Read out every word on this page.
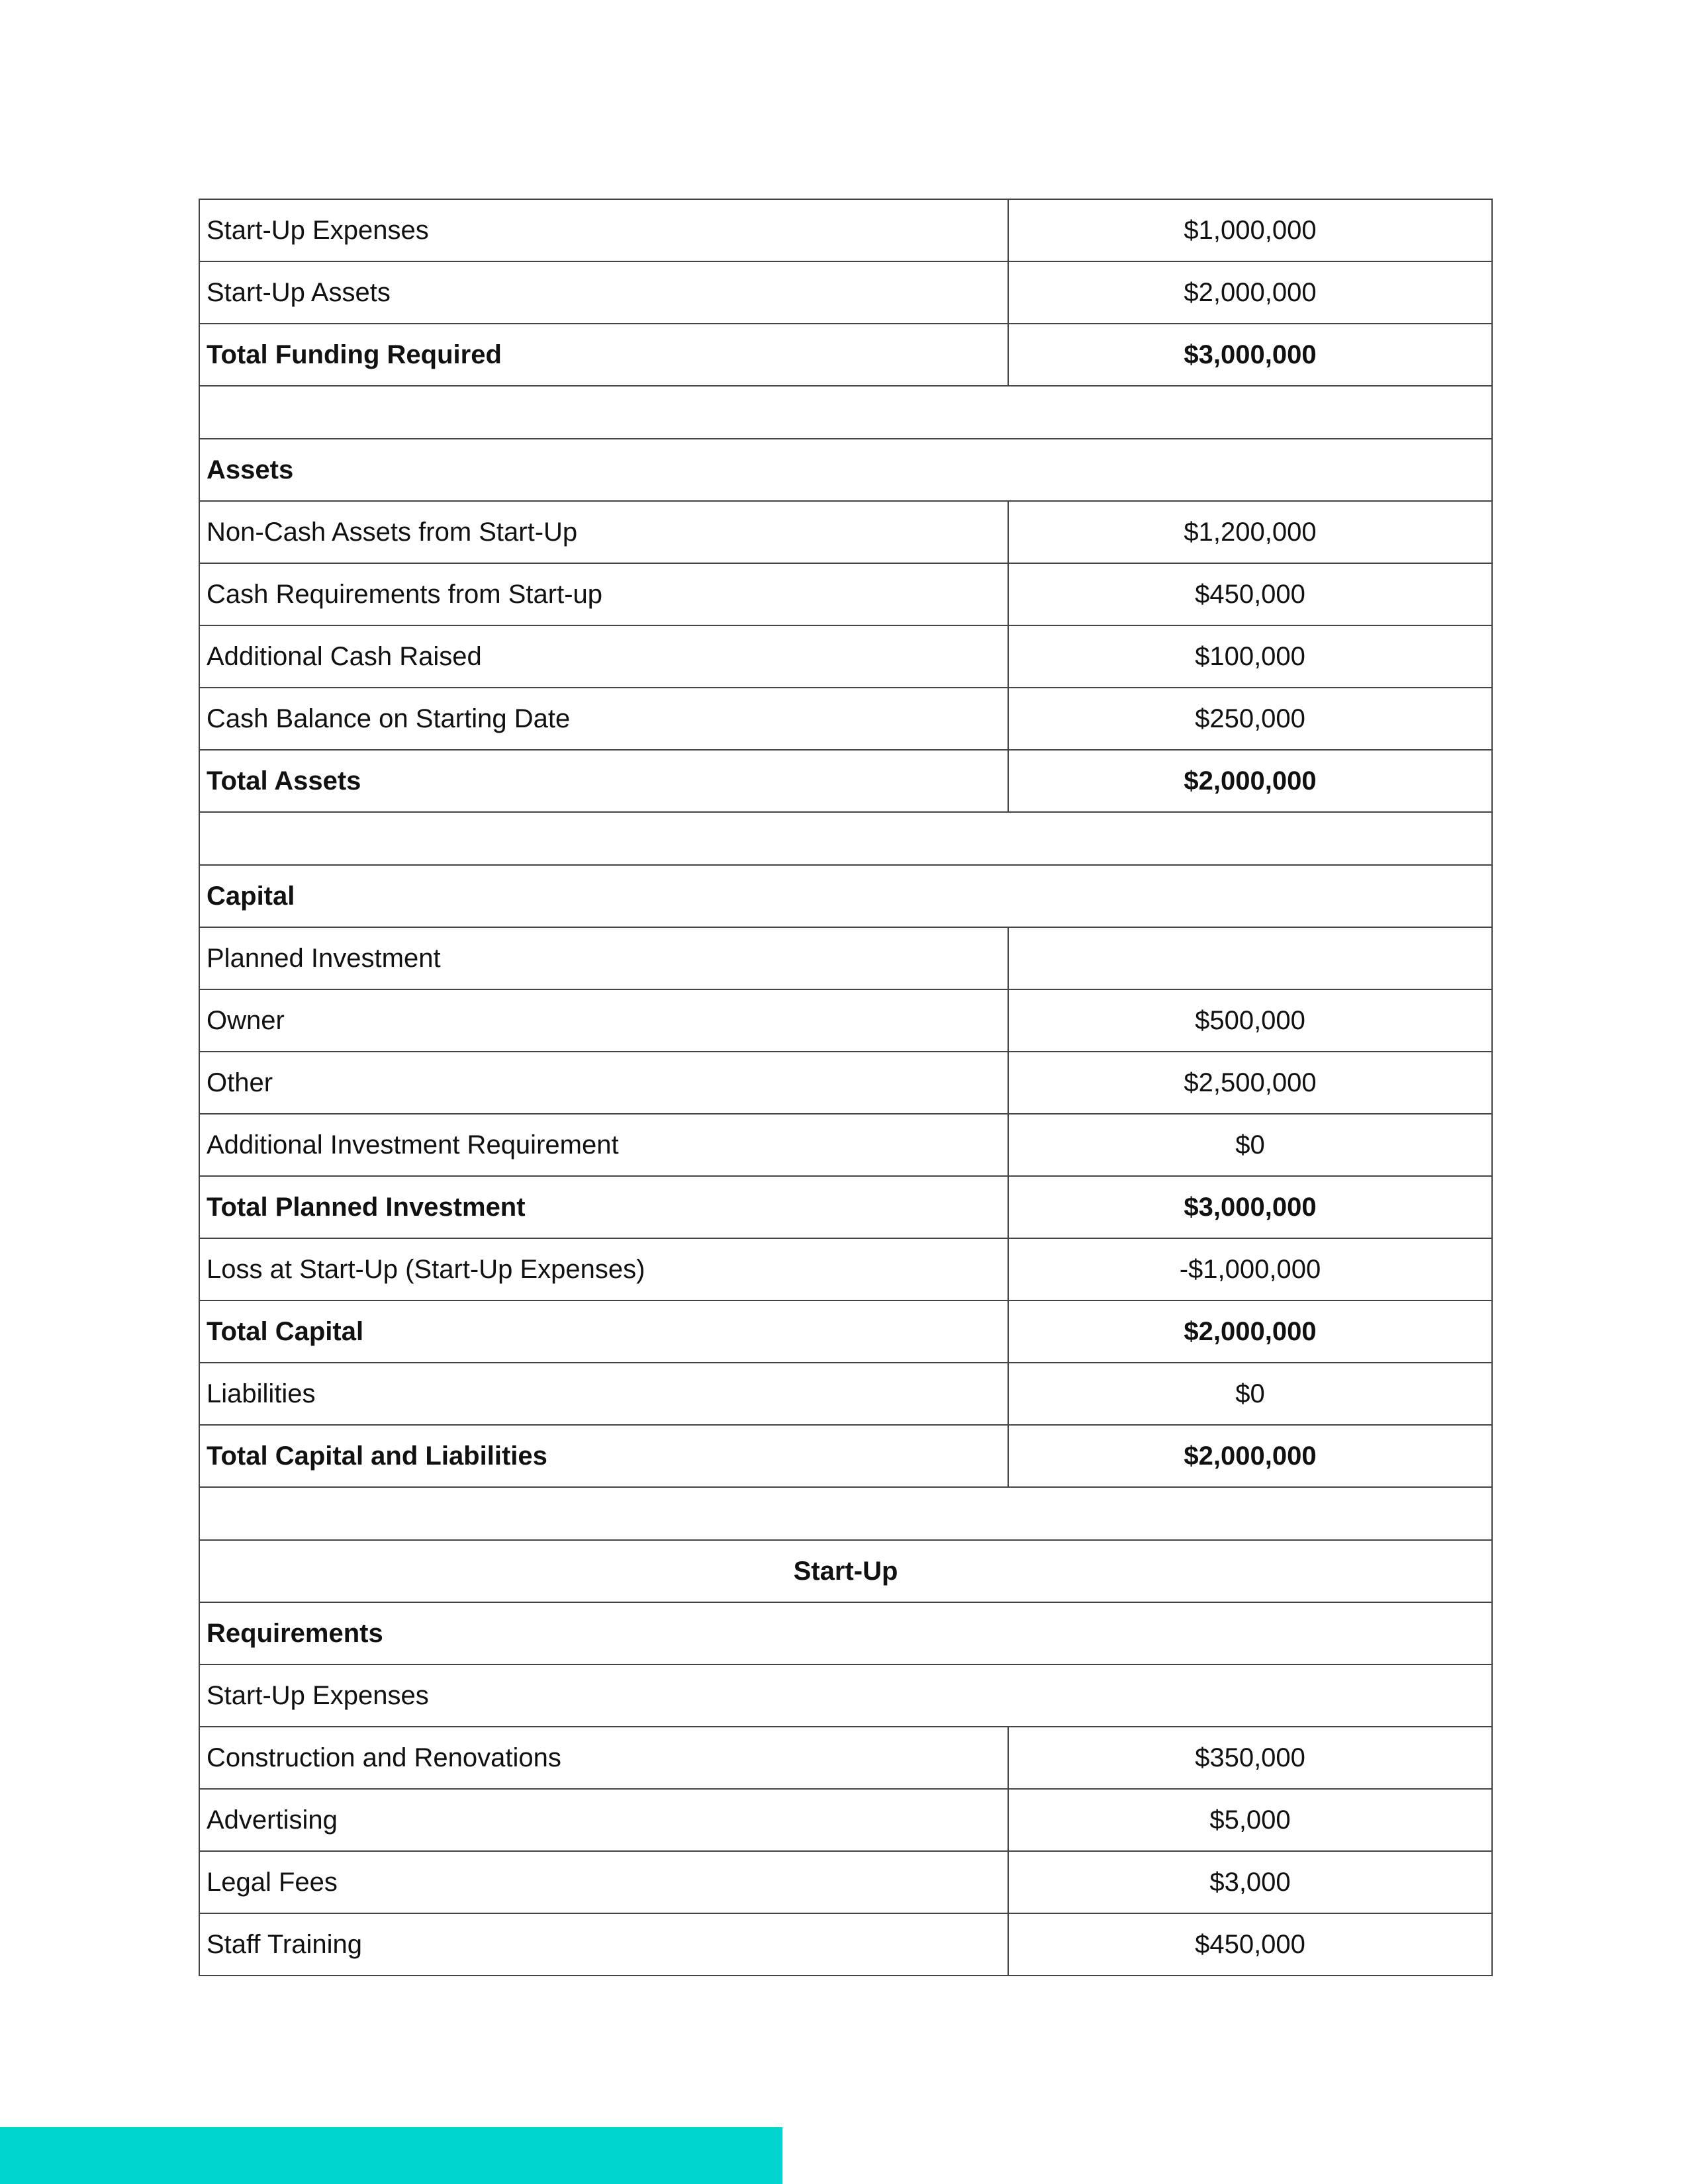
Start-Up Expenses	$1,000,000
Start-Up Assets	$2,000,000
Total Funding Required	$3,000,000

Assets	
Non-Cash Assets from Start-Up	$1,200,000
Cash Requirements from Start-up	$450,000
Additional Cash Raised	$100,000
Cash Balance on Starting Date	$250,000
Total Assets	$2,000,000

Capital	
Planned Investment	
Owner	$500,000
Other	$2,500,000
Additional Investment Requirement	$0
Total Planned Investment	$3,000,000
Loss at Start-Up (Start-Up Expenses)	-$1,000,000
Total Capital	$2,000,000
Liabilities	$0
Total Capital and Liabilities	$2,000,000

Start-Up	
Requirements	
Start-Up Expenses	
Construction and Renovations	$350,000
Advertising	$5,000
Legal Fees	$3,000
Staff Training	$450,000
